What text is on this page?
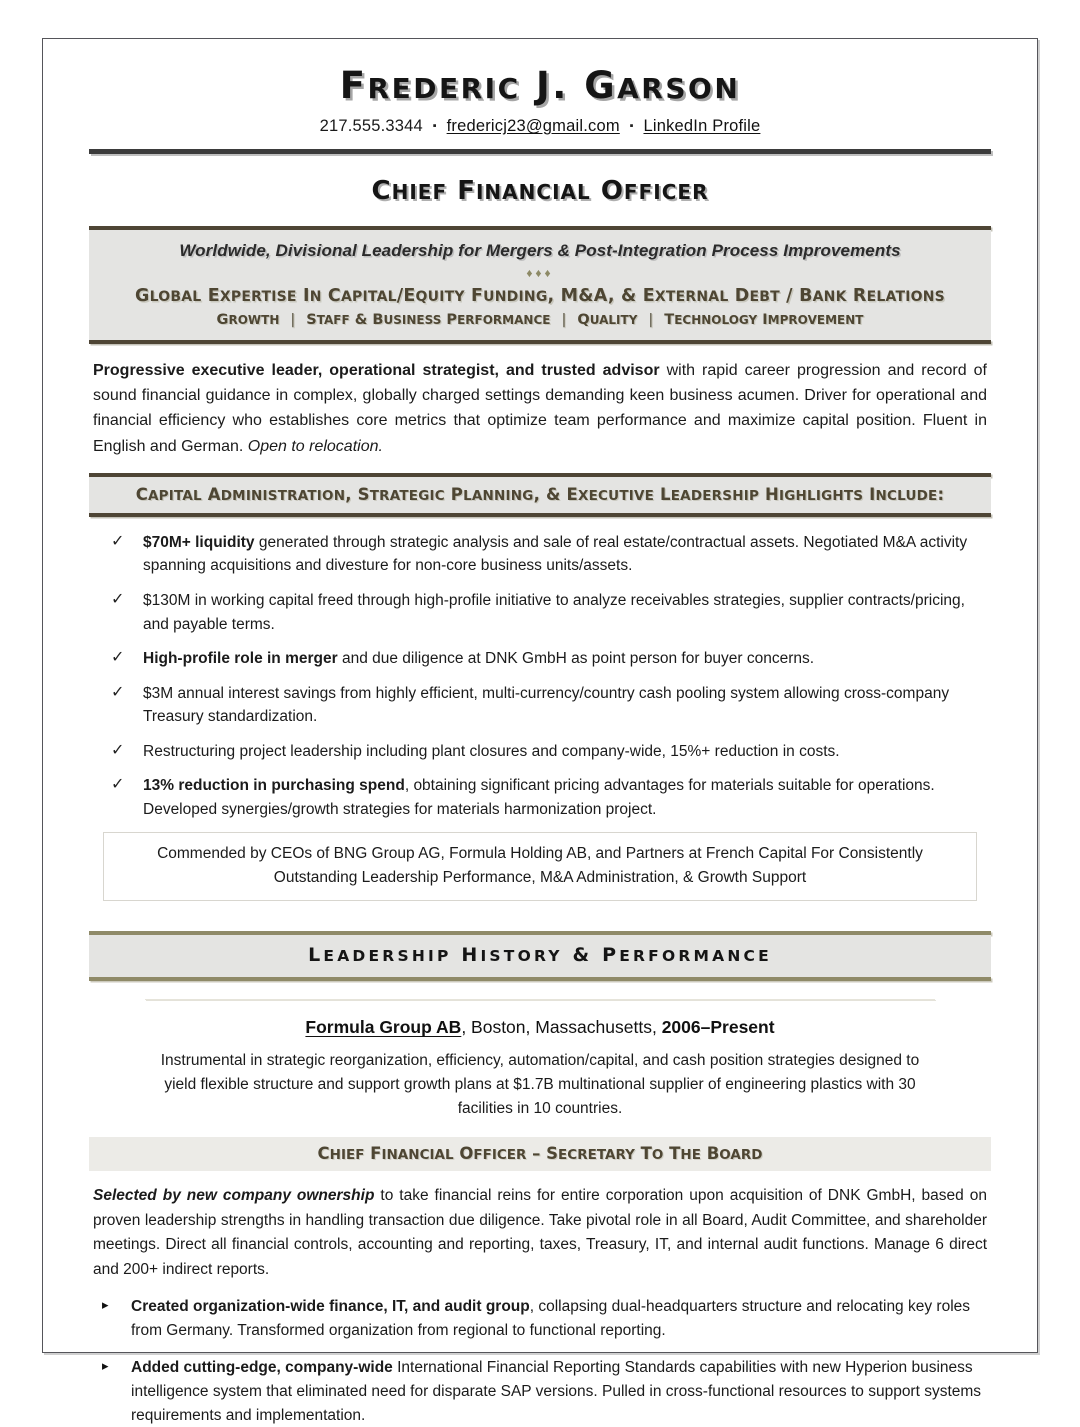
FREDERIC J. GARSON
217.555.3344 ▪ fredericj23@gmail.com ▪ LinkedIn Profile
CHIEF FINANCIAL OFFICER
Worldwide, Divisional Leadership for Mergers & Post-Integration Process Improvements
♦♦♦
GLOBAL EXPERTISE IN CAPITAL/EQUITY FUNDING, M&A, & EXTERNAL DEBT / BANK RELATIONS
GROWTH | STAFF & BUSINESS PERFORMANCE | QUALITY | TECHNOLOGY IMPROVEMENT

Progressive executive leader, operational strategist, and trusted advisor with rapid career progression and record of sound financial guidance in complex, globally charged settings demanding keen business acumen. Driver for operational and financial efficiency who establishes core metrics that optimize team performance and maximize capital position. Fluent in English and German. Open to relocation.

CAPITAL ADMINISTRATION, STRATEGIC PLANNING, & EXECUTIVE LEADERSHIP HIGHLIGHTS INCLUDE:
✓ $70M+ liquidity generated through strategic analysis and sale of real estate/contractual assets. Negotiated M&A activity spanning acquisitions and divesture for non-core business units/assets.
✓ $130M in working capital freed through high-profile initiative to analyze receivables strategies, supplier contracts/pricing, and payable terms.
✓ High-profile role in merger and due diligence at DNK GmbH as point person for buyer concerns.
✓ $3M annual interest savings from highly efficient, multi-currency/country cash pooling system allowing cross-company Treasury standardization.
✓ Restructuring project leadership including plant closures and company-wide, 15%+ reduction in costs.
✓ 13% reduction in purchasing spend, obtaining significant pricing advantages for materials suitable for operations. Developed synergies/growth strategies for materials harmonization project.
Commended by CEOs of BNG Group AG, Formula Holding AB, and Partners at French Capital For Consistently Outstanding Leadership Performance, M&A Administration, & Growth Support
LEADERSHIP HISTORY & PERFORMANCE
Formula Group AB, Boston, Massachusetts, 2006–Present
Instrumental in strategic reorganization, efficiency, automation/capital, and cash position strategies designed to yield flexible structure and support growth plans at $1.7B multinational supplier of engineering plastics with 30 facilities in 10 countries.
CHIEF FINANCIAL OFFICER – SECRETARY TO THE BOARD

Selected by new company ownership to take financial reins for entire corporation upon acquisition of DNK GmbH, based on proven leadership strengths in handling transaction due diligence. Take pivotal role in all Board, Audit Committee, and shareholder meetings. Direct all financial controls, accounting and reporting, taxes, Treasury, IT, and internal audit functions. Manage 6 direct and 200+ indirect reports.

▸ Created organization-wide finance, IT, and audit group, collapsing dual-headquarters structure and relocating key roles from Germany. Transformed organization from regional to functional reporting.
▸ Added cutting-edge, company-wide International Financial Reporting Standards capabilities with new Hyperion business intelligence system that eliminated need for disparate SAP versions. Pulled in cross-functional resources to support systems requirements and implementation.
